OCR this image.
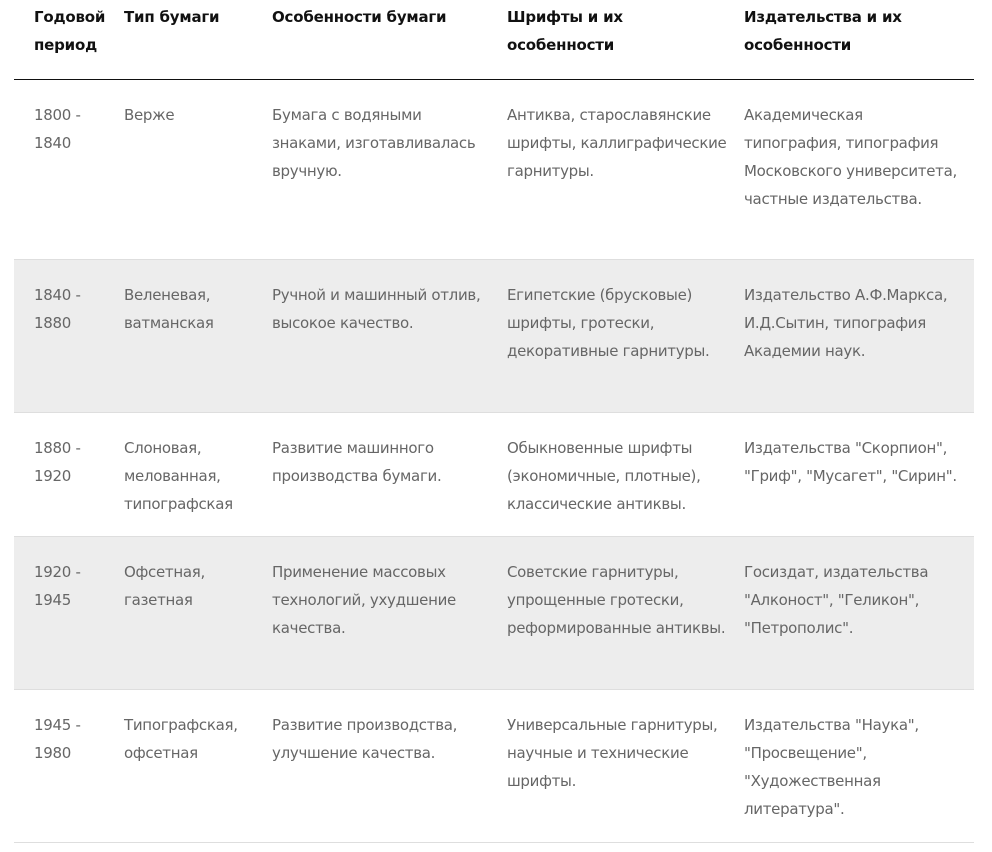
Годовой период	Тип бумаги	Особенности бумаги	Шрифты и их особенности	Издательства и их особенности
1800 - 1840	Верже	Бумага с водяными знаками, изготавливалась вручную.	Антиква, старославянские шрифты, каллиграфические гарнитуры.	Академическая типография, типография Московского университета, частные издательства.
1840 - 1880	Веленевая, ватманская	Ручной и машинный отлив, высокое качество.	Египетские (брусковые) шрифты, гротески, декоративные гарнитуры.	Издательство А.Ф.Маркса, И.Д.Сытин, типография Академии наук.
1880 - 1920	Слоновая, мелованная, типографская	Развитие машинного производства бумаги.	Обыкновенные шрифты (экономичные, плотные), классические антиквы.	Издательства "Скорпион", "Гриф", "Мусагет", "Сирин".
1920 - 1945	Офсетная, газетная	Применение массовых технологий, ухудшение качества.	Советские гарнитуры, упрощенные гротески, реформированные антиквы.	Госиздат, издательства "Алконост", "Геликон", "Петрополис".
1945 - 1980	Типографская, офсетная	Развитие производства, улучшение качества.	Универсальные гарнитуры, научные и технические шрифты.	Издательства "Наука", "Просвещение", "Художественная литература".
